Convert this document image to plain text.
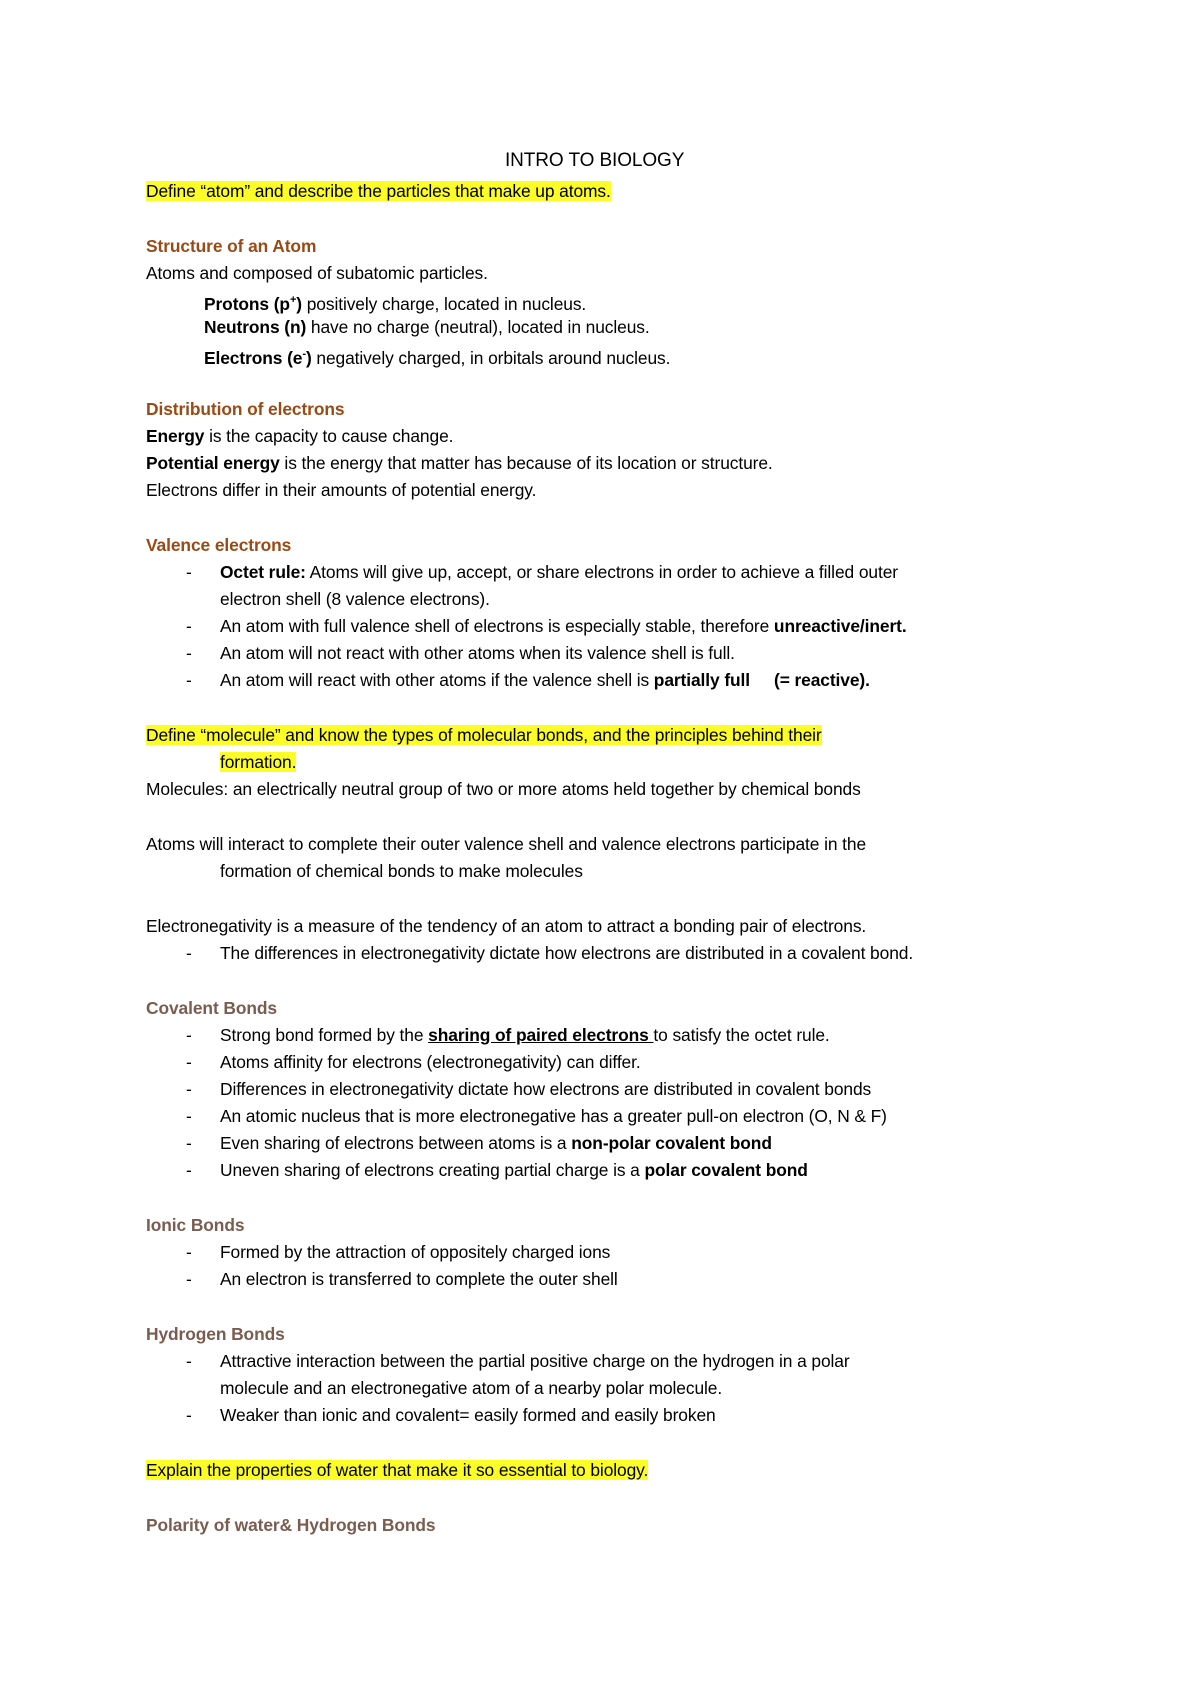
INTRO TO BIOLOGY
Define “atom” and describe the particles that make up atoms.
Structure of an Atom
Atoms and composed of subatomic particles.
Protons (p+) positively charge, located in nucleus.
Neutrons (n) have no charge (neutral), located in nucleus.
Electrons (e-) negatively charged, in orbitals around nucleus.
Distribution of electrons
Energy is the capacity to cause change.
Potential energy is the energy that matter has because of its location or structure.
Electrons differ in their amounts of potential energy.
Valence electrons
- Octet rule: Atoms will give up, accept, or share electrons in order to achieve a filled outer
electron shell (8 valence electrons).
- An atom with full valence shell of electrons is especially stable, therefore unreactive/inert.
- An atom will not react with other atoms when its valence shell is full.
- An atom will react with other atoms if the valence shell is partially full (= reactive).
Define “molecule” and know the types of molecular bonds, and the principles behind their
formation.
Molecules: an electrically neutral group of two or more atoms held together by chemical bonds
Atoms will interact to complete their outer valence shell and valence electrons participate in the
formation of chemical bonds to make molecules
Electronegativity is a measure of the tendency of an atom to attract a bonding pair of electrons.
- The differences in electronegativity dictate how electrons are distributed in a covalent bond.
Covalent Bonds
- Strong bond formed by the sharing of paired electrons to satisfy the octet rule.
- Atoms affinity for electrons (electronegativity) can differ.
- Differences in electronegativity dictate how electrons are distributed in covalent bonds
- An atomic nucleus that is more electronegative has a greater pull-on electron (O, N & F)
- Even sharing of electrons between atoms is a non-polar covalent bond
- Uneven sharing of electrons creating partial charge is a polar covalent bond
Ionic Bonds
- Formed by the attraction of oppositely charged ions
- An electron is transferred to complete the outer shell
Hydrogen Bonds
- Attractive interaction between the partial positive charge on the hydrogen in a polar
molecule and an electronegative atom of a nearby polar molecule.
- Weaker than ionic and covalent= easily formed and easily broken
Explain the properties of water that make it so essential to biology.
Polarity of water& Hydrogen Bonds
